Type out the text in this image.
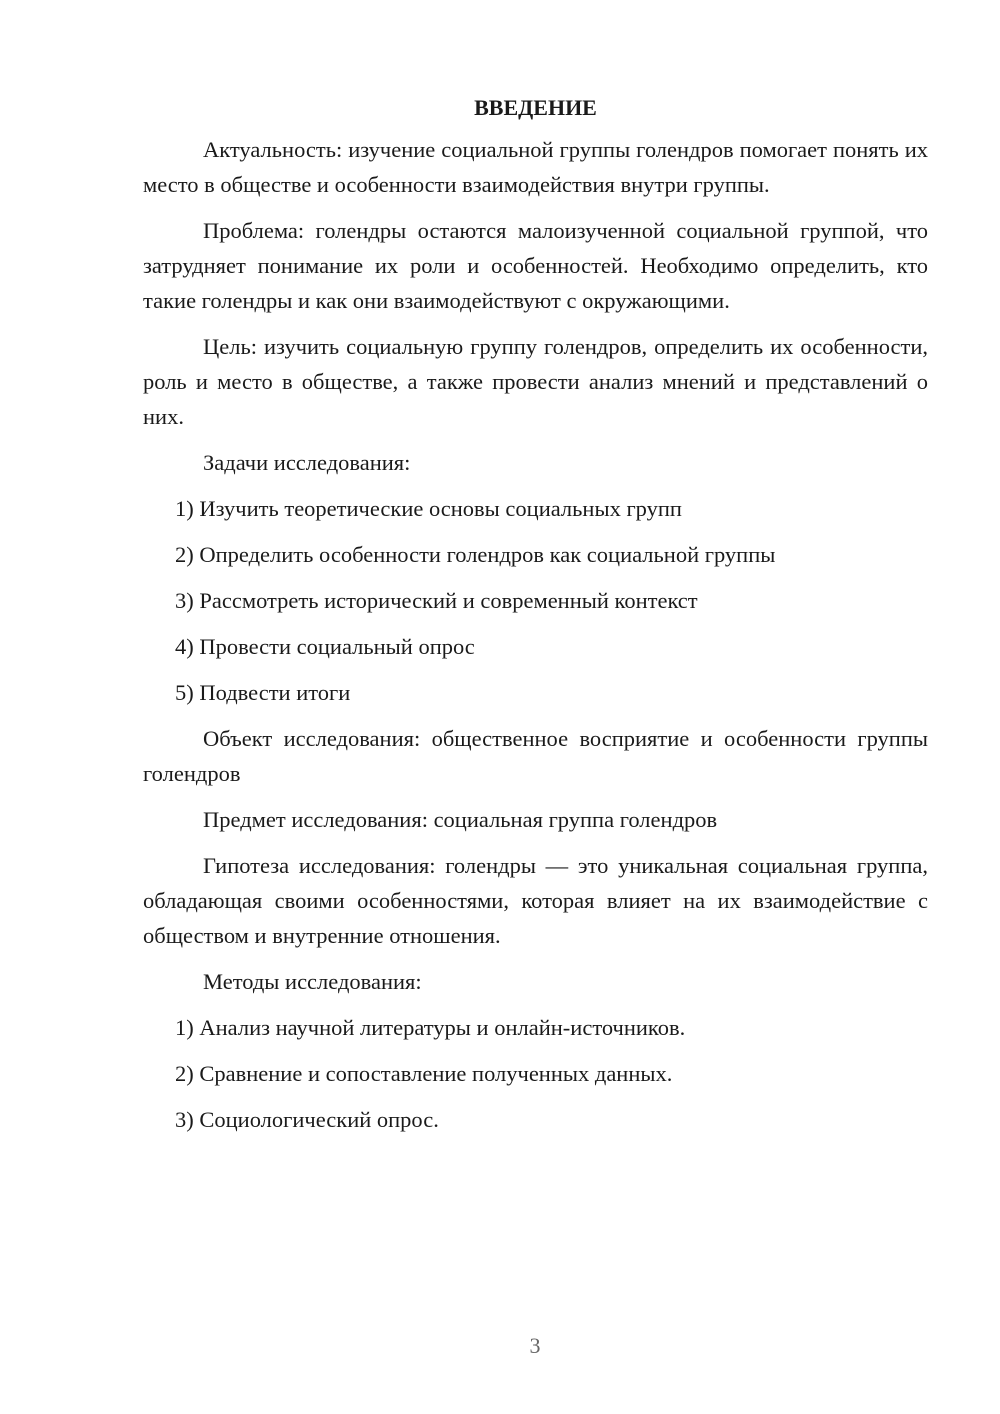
ВВЕДЕНИЕ

Актуальность: изучение социальной группы голендров помогает понять их место в обществе и особенности взаимодействия внутри группы.

Проблема: голендры остаются малоизученной социальной группой, что затрудняет понимание их роли и особенностей. Необходимо определить, кто такие голендры и как они взаимодействуют с окружающими.

Цель: изучить социальную группу голендров, определить их особенности, роль и место в обществе, а также провести анализ мнений и представлений о них.

Задачи исследования:

1) Изучить теоретические основы социальных групп
2) Определить особенности голендров как социальной группы
3) Рассмотреть исторический и современный контекст
4) Провести социальный опрос
5) Подвести итоги

Объект исследования: общественное восприятие и особенности группы голендров

Предмет исследования: социальная группа голендров

Гипотеза исследования: голендры — это уникальная социальная группа, обладающая своими особенностями, которая влияет на их взаимодействие с обществом и внутренние отношения.

Методы исследования:

1) Анализ научной литературы и онлайн-источников.
2) Сравнение и сопоставление полученных данных.
3) Социологический опрос.
3
